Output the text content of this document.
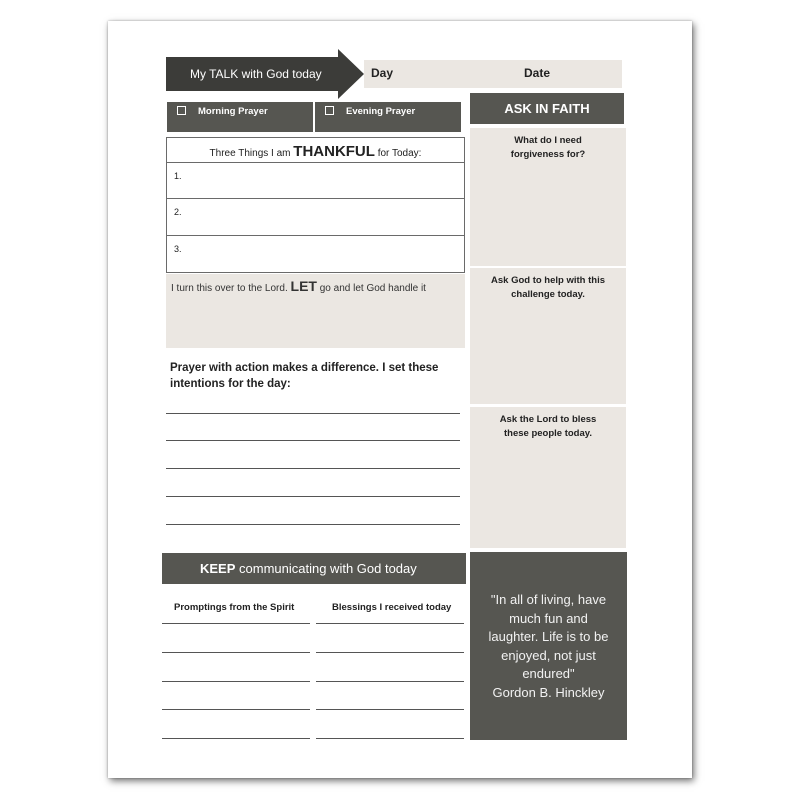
My TALK with God today	Day	Date
Morning Prayer	Evening Prayer	ASK IN FAITH
What do I need forgiveness for?
Ask God to help with this challenge today.
Ask the Lord to bless these people today.
Three Things I am THANKFUL for Today:
1.
2.
3.
I turn this over to the Lord. LET go and let God handle it
Prayer with action makes a difference. I set these intentions for the day:
KEEP communicating with God today
Promptings from the Spirit	Blessings I received today
"In all of living, have much fun and laughter. Life is to be enjoyed, not just endured"
Gordon B. Hinckley
